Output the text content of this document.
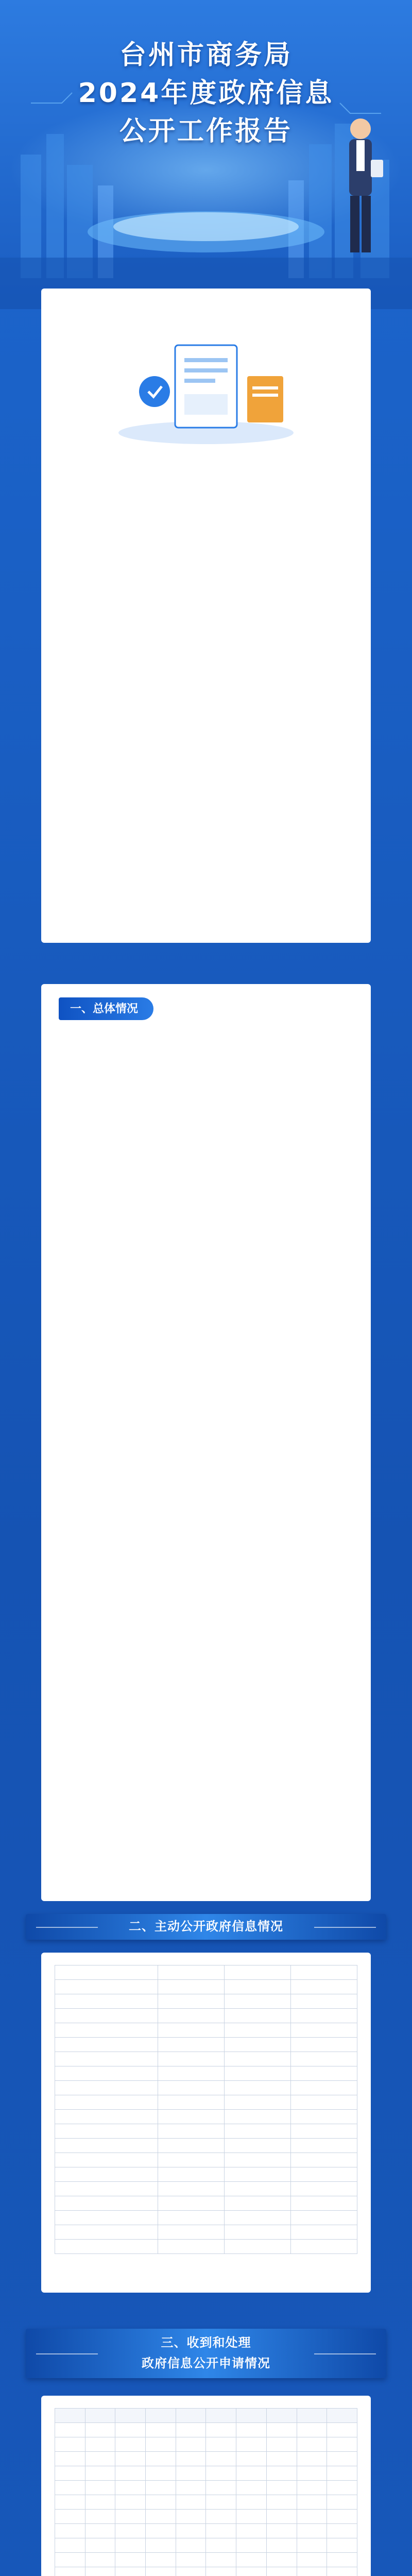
台州市商务局
2024年度政府信息
公开工作报告

一、总体情况

二、主动公开政府信息情况

三、收到和处理
政府信息公开申请情况
